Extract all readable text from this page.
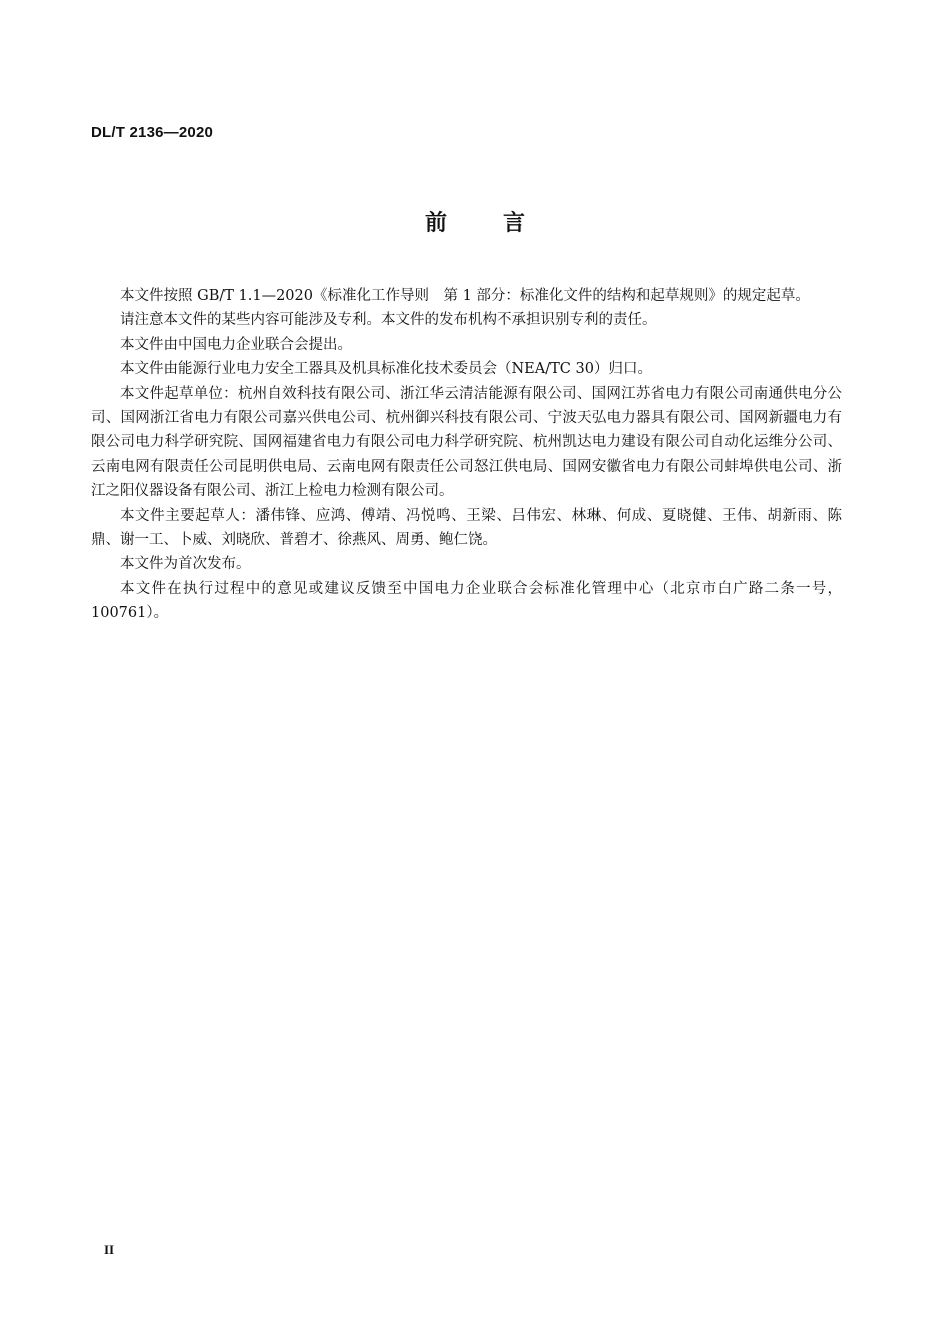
DL/T 2136—2020
前	言

本文件按照 GB/T 1.1—2020《标准化工作导则　第 1 部分：标准化文件的结构和起草规则》的规定起草。

请注意本文件的某些内容可能涉及专利。本文件的发布机构不承担识别专利的责任。

本文件由中国电力企业联合会提出。

本文件由能源行业电力安全工器具及机具标准化技术委员会（NEA/TC 30）归口。

本文件起草单位：杭州自效科技有限公司、浙江华云清洁能源有限公司、国网江苏省电力有限公司南通供电分公司、国网浙江省电力有限公司嘉兴供电公司、杭州御兴科技有限公司、宁波天弘电力器具有限公司、国网新疆电力有限公司电力科学研究院、国网福建省电力有限公司电力科学研究院、杭州凯达电力建设有限公司自动化运维分公司、云南电网有限责任公司昆明供电局、云南电网有限责任公司怒江供电局、国网安徽省电力有限公司蚌埠供电公司、浙江之阳仪器设备有限公司、浙江上检电力检测有限公司。

本文件主要起草人：潘伟锋、应鸿、傅靖、冯悦鸣、王梁、吕伟宏、林琳、何成、夏晓健、王伟、胡新雨、陈鼎、谢一工、卜威、刘晓欣、普碧才、徐燕风、周勇、鲍仁饶。

本文件为首次发布。

本文件在执行过程中的意见或建议反馈至中国电力企业联合会标准化管理中心（北京市白广路二条一号，100761）。

II
